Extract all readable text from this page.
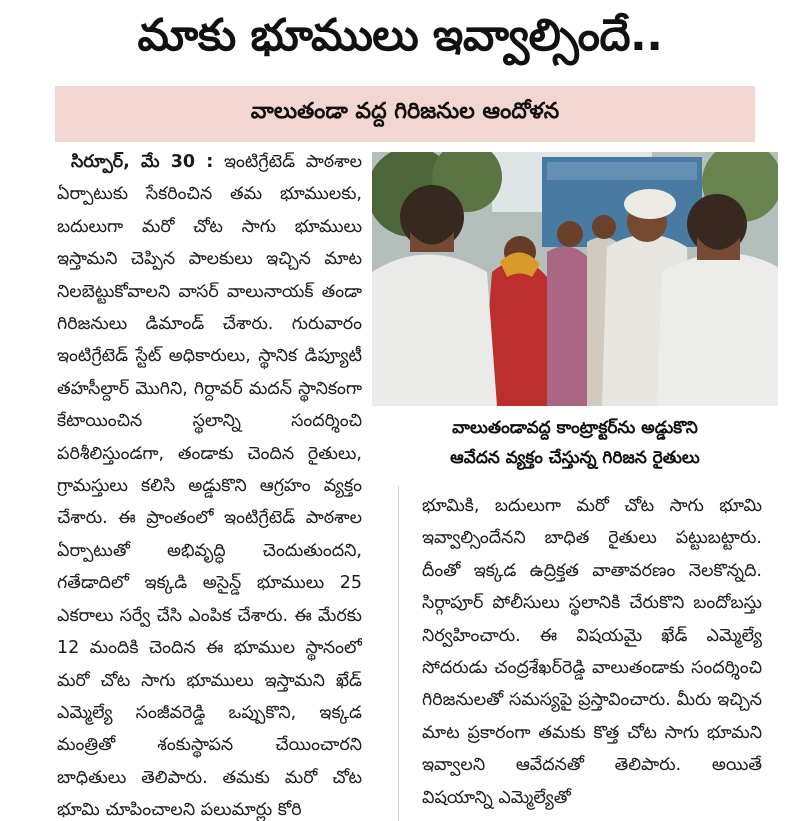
మాకు భూములు ఇవ్వాల్సిందే..
వాలుతండా వద్ద గిరిజనుల ఆందోళన

సిర్పూర్, మే 30 : ఇంటిగ్రేటెడ్ పాఠశాల ఏర్పాటుకు సేకరించిన తమ భూములకు, బదులుగా మరో చోట సాగు భూములు ఇస్తామని చెప్పిన పాలకులు ఇచ్చిన మాట నిలబెట్టుకోవాలని వాసర్ వాలునాయక్ తండా గిరిజనులు డిమాండ్ చేశారు. గురువారం ఇంటిగ్రేటెడ్ స్టేట్ అధికారులు, స్థానిక డిప్యూటీ తహసీల్దార్ మొగిని, గిర్దావర్ మదన్ స్థానికంగా కేటాయించిన స్థలాన్ని సందర్శించి పరిశీలిస్తుండగా, తండాకు చెందిన రైతులు, గ్రామస్తులు కలిసి అడ్డుకొని ఆగ్రహం వ్యక్తం చేశారు. ఈ ప్రాంతంలో ఇంటిగ్రేటెడ్ పాఠశాల ఏర్పాటుతో అభివృద్ధి చెందుతుందని, గతేడాదిలో ఇక్కడి అసైన్డ్ భూములు 25 ఎకరాలు సర్వే చేసి ఎంపిక చేశారు. ఈ మేరకు 12 మందికి చెందిన ఈ భూముల స్థానంలో మరో చోట సాగు భూములు ఇస్తామని ఖేడ్ ఎమ్మెల్యే సంజీవరెడ్డి ఒప్పుకొని, ఇక్కడ మంత్రితో శంకుస్థాపన చేయించారని బాధితులు తెలిపారు. తమకు మరో చోట భూమి చూపించాలని పలుమార్లు కోరి

వాలుతండావద్ద కాంట్రాక్టర్‌ను అడ్డుకొని
ఆవేదన వ్యక్తం చేస్తున్న గిరిజన రైతులు

భూమికి, బదులుగా మరో చోట సాగు భూమి ఇవ్వాల్సిందేనని బాధిత రైతులు పట్టుబట్టారు. దీంతో ఇక్కడ ఉద్రిక్తత వాతావరణం నెలకొన్నది. సిర్గాపూర్ పోలీసులు స్థలానికి చేరుకొని బందోబస్తు నిర్వహించారు. ఈ విషయమై ఖేడ్ ఎమ్మెల్యే సోదరుడు చంద్రశేఖర్‌రెడ్డి వాలుతండాకు సందర్శించి గిరిజనులతో సమస్యపై ప్రస్తావించారు. మీరు ఇచ్చిన మాట ప్రకారంగా తమకు కొత్త చోట సాగు భూమని ఇవ్వాలని ఆవేదనతో తెలిపారు. అయితే విషయాన్ని ఎమ్మెల్యేతో
